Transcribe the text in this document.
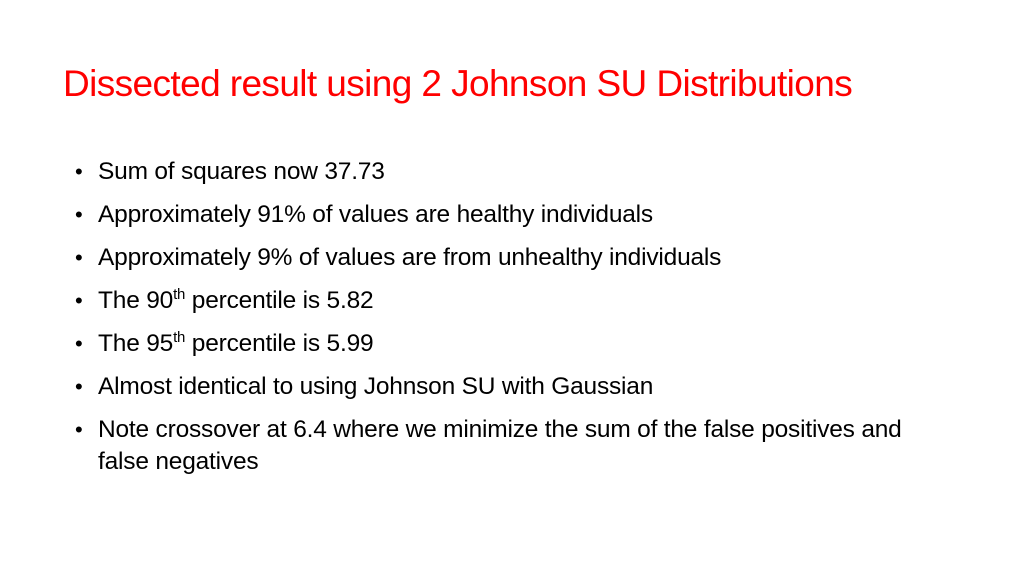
Dissected result using 2 Johnson SU Distributions
• Sum of squares now 37.73
• Approximately 91% of values are healthy individuals
• Approximately 9% of values are from unhealthy individuals
• The 90th percentile is 5.82
• The 95th percentile is 5.99
• Almost identical to using Johnson SU with Gaussian
• Note crossover at 6.4 where we minimize the sum of the false positives and false negatives
